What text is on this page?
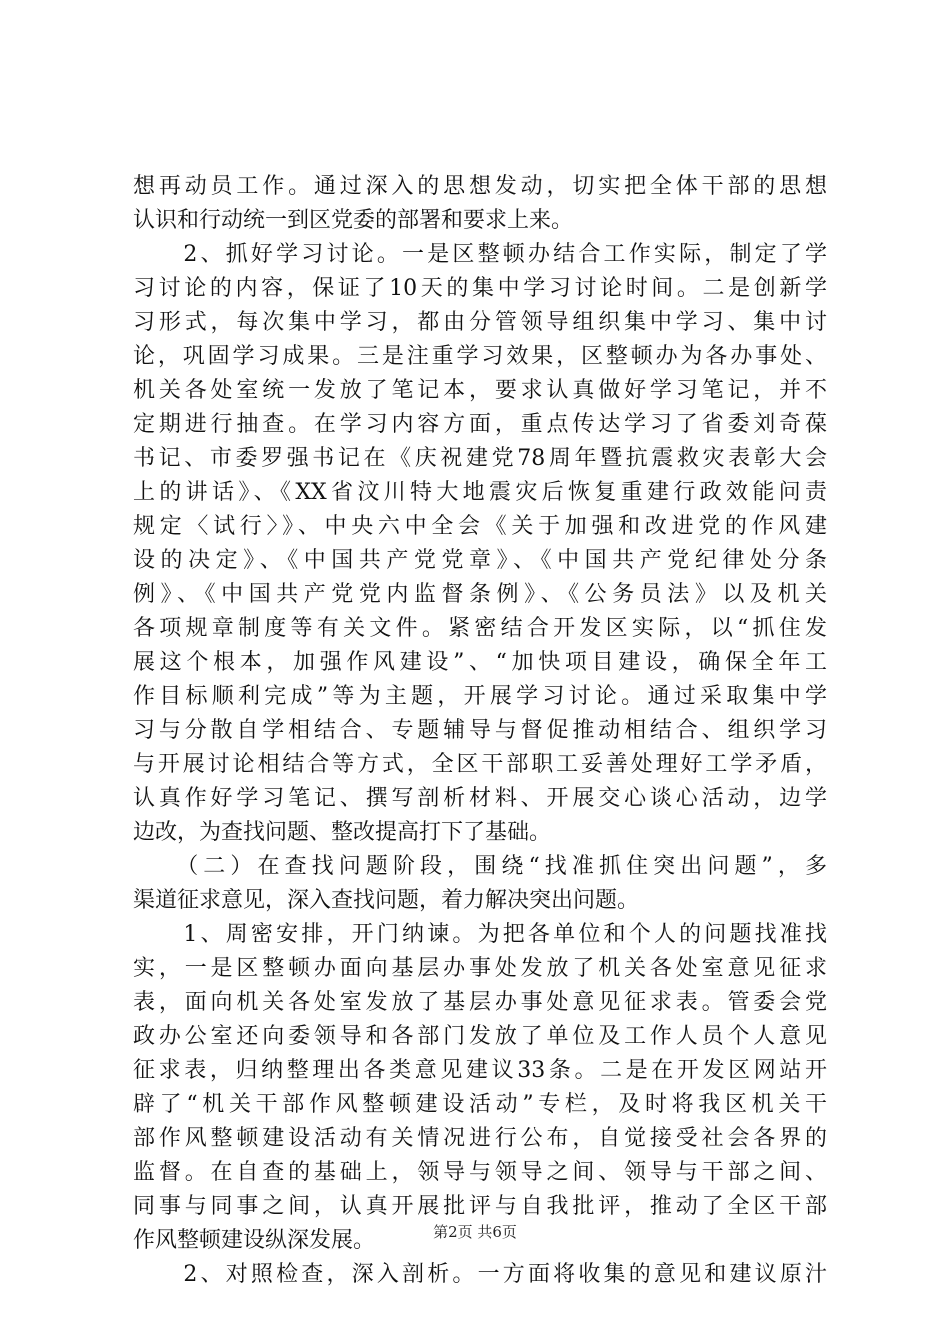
想再动员工作。通过深入的思想发动，切实把全体干部的思想
认识和行动统一到区党委的部署和要求上来。
　　2、抓好学习讨论。一是区整顿办结合工作实际，制定了学
习讨论的内容，保证了10天的集中学习讨论时间。二是创新学
习形式，每次集中学习，都由分管领导组织集中学习、集中讨
论，巩固学习成果。三是注重学习效果，区整顿办为各办事处、
机关各处室统一发放了笔记本，要求认真做好学习笔记，并不
定期进行抽查。在学习内容方面，重点传达学习了省委刘奇葆
书记、市委罗强书记在《庆祝建党78周年暨抗震救灾表彰大会
上的讲话》、《XX省汶川特大地震灾后恢复重建行政效能问责
规定〈试行〉》、中央六中全会《关于加强和改进党的作风建
设的决定》、《中国共产党党章》、《中国共产党纪律处分条
例》、《中国共产党党内监督条例》、《公务员法》以及机关
各项规章制度等有关文件。紧密结合开发区实际，以“抓住发
展这个根本，加强作风建设”、“加快项目建设，确保全年工
作目标顺利完成”等为主题，开展学习讨论。通过采取集中学
习与分散自学相结合、专题辅导与督促推动相结合、组织学习
与开展讨论相结合等方式，全区干部职工妥善处理好工学矛盾，
认真作好学习笔记、撰写剖析材料、开展交心谈心活动，边学
边改，为查找问题、整改提高打下了基础。
　　（二）在查找问题阶段，围绕“找准抓住突出问题”，多
渠道征求意见，深入查找问题，着力解决突出问题。
　　1、周密安排，开门纳谏。为把各单位和个人的问题找准找
实，一是区整顿办面向基层办事处发放了机关各处室意见征求
表，面向机关各处室发放了基层办事处意见征求表。管委会党
政办公室还向委领导和各部门发放了单位及工作人员个人意见
征求表，归纳整理出各类意见建议33条。二是在开发区网站开
辟了“机关干部作风整顿建设活动”专栏，及时将我区机关干
部作风整顿建设活动有关情况进行公布，自觉接受社会各界的
监督。在自查的基础上，领导与领导之间、领导与干部之间、
同事与同事之间，认真开展批评与自我批评，推动了全区干部
作风整顿建设纵深发展。
　　2、对照检查，深入剖析。一方面将收集的意见和建议原汁
第2页 共6页
